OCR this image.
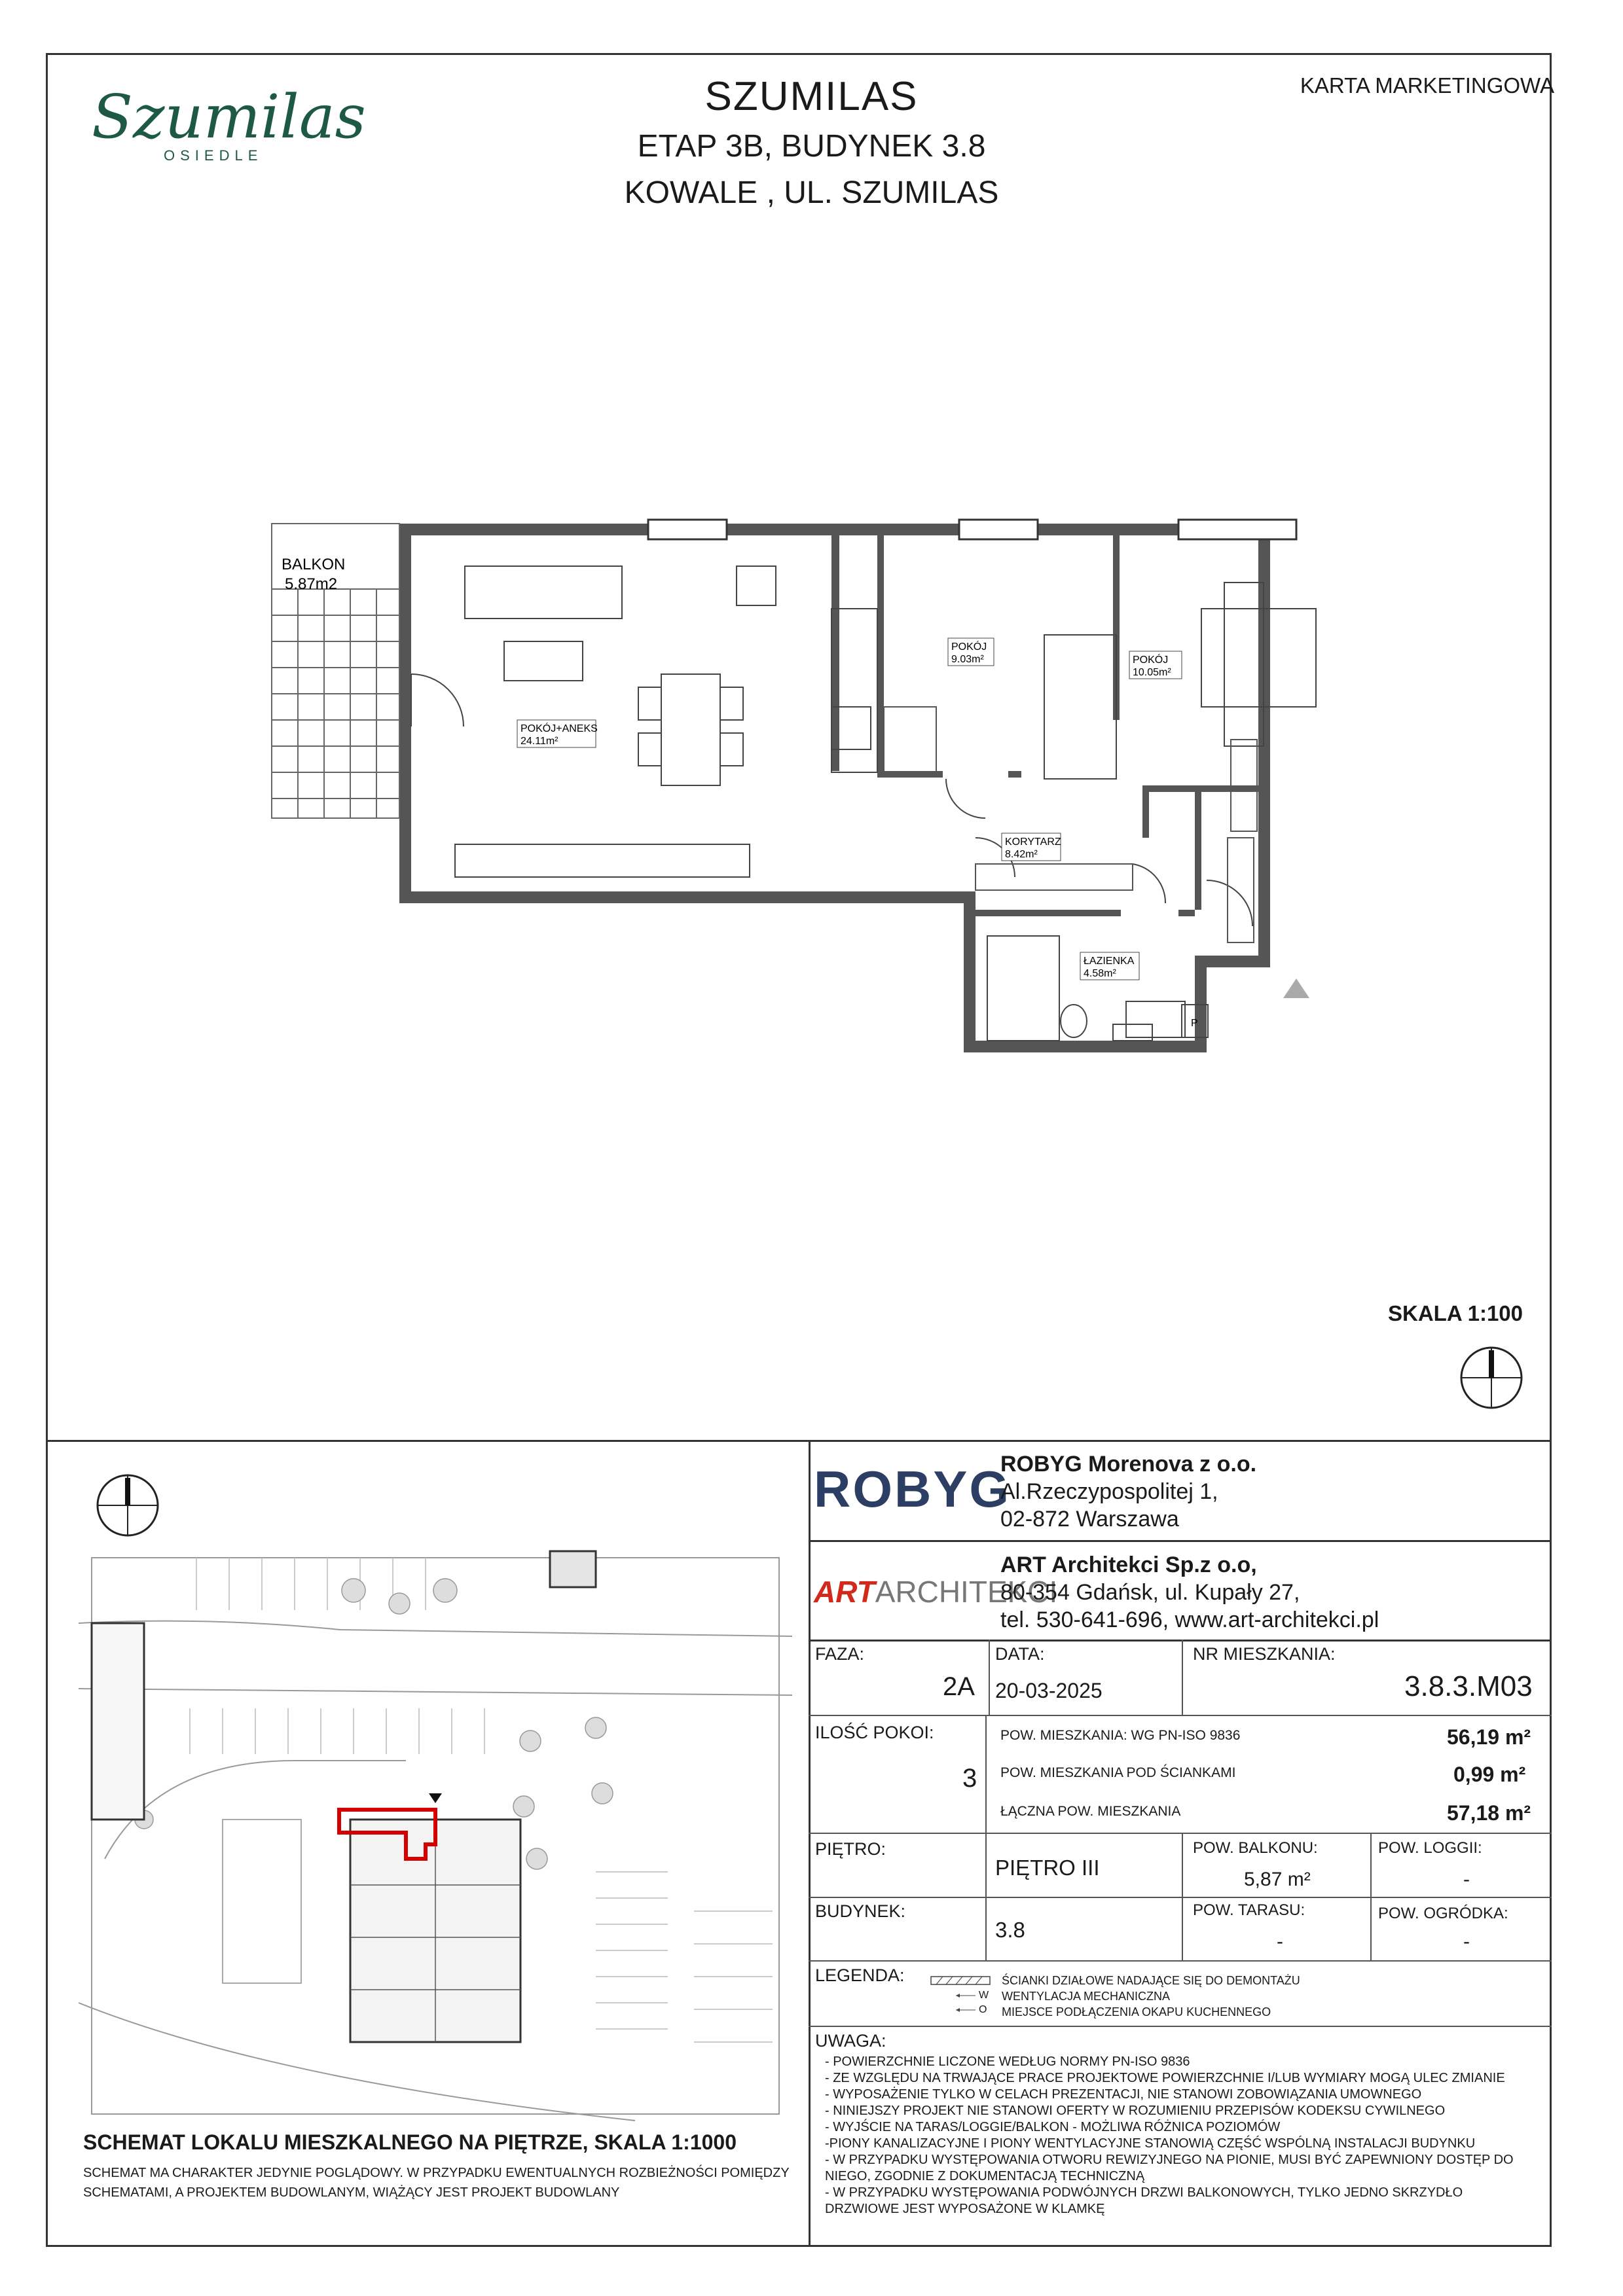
Szumilas
OSIEDLE
SZUMILAS
ETAP 3B, BUDYNEK 3.8
KOWALE , UL. SZUMILAS
KARTA MARKETINGOWA
P
BALKON
5.87m2
POKÓJ+ANEKS
24.11m²
POKÓJ
9.03m²	POKÓJ
10.05m²
KORYTARZ
8.42m²
ŁAZIENKA
4.58m²
SKALA 1:100
SCHEMAT LOKALU MIESZKALNEGO NA PIĘTRZE, SKALA 1:1000
SCHEMAT MA CHARAKTER JEDYNIE POGLĄDOWY. W PRZYPADKU EWENTUALNYCH ROZBIEŻNOŚCI POMIĘDZY SCHEMATAMI, A PROJEKTEM BUDOWLANYM, WIĄŻĄCY JEST PROJEKT BUDOWLANY
ROBYG
ROBYG Morenova z o.o.
Al.Rzeczypospolitej 1,
02-872 Warszawa
ARTARCHITEKCI
ART Architekci Sp.z o.o,
80-354 Gdańsk, ul. Kupały 27,
tel. 530-641-696, www.art-architekci.pl
FAZA:
2A
DATA:
20-03-2025
NR MIESZKANIA:
3.8.3.M03
ILOŚĆ POKOI:
3
POW. MIESZKANIA: WG PN-ISO 9836	56,19 m²
POW. MIESZKANIA POD ŚCIANKAMI	0,99 m²
ŁĄCZNA POW. MIESZKANIA	57,18 m²
PIĘTRO:
PIĘTRO III
POW. BALKONU:
5,87 m²
POW. LOGGII:
-
BUDYNEK:
3.8
POW. TARASU:
-
POW. OGRÓDKA:
-
LEGENDA:
W
O
ŚCIANKI DZIAŁOWE NADAJĄCE SIĘ DO DEMONTAŻU
WENTYLACJA MECHANICZNA
MIEJSCE PODŁĄCZENIA OKAPU KUCHENNEGO
UWAGA:
- POWIERZCHNIE LICZONE WEDŁUG NORMY PN-ISO 9836
- ZE WZGLĘDU NA TRWAJĄCE PRACE PROJEKTOWE POWIERZCHNIE I/LUB WYMIARY MOGĄ ULEC ZMIANIE
- WYPOSAŻENIE TYLKO W CELACH PREZENTACJI, NIE STANOWI ZOBOWIĄZANIA UMOWNEGO
- NINIEJSZY PROJEKT NIE STANOWI OFERTY W ROZUMIENIU PRZEPISÓW KODEKSU CYWILNEGO
- WYJŚCIE NA TARAS/LOGGIE/BALKON - MOŻLIWA RÓŻNICA POZIOMÓW
-PIONY KANALIZACYJNE I PIONY WENTYLACYJNE STANOWIĄ CZĘŚĆ WSPÓLNĄ INSTALACJI BUDYNKU
- W PRZYPADKU WYSTĘPOWANIA OTWORU REWIZYJNEGO NA PIONIE, MUSI BYĆ ZAPEWNIONY DOSTĘP DO NIEGO, ZGODNIE Z DOKUMENTACJĄ TECHNICZNĄ
- W PRZYPADKU WYSTĘPOWANIA PODWÓJNYCH DRZWI BALKONOWYCH, TYLKO JEDNO SKRZYDŁO DRZWIOWE JEST WYPOSAŻONE W KLAMKĘ
